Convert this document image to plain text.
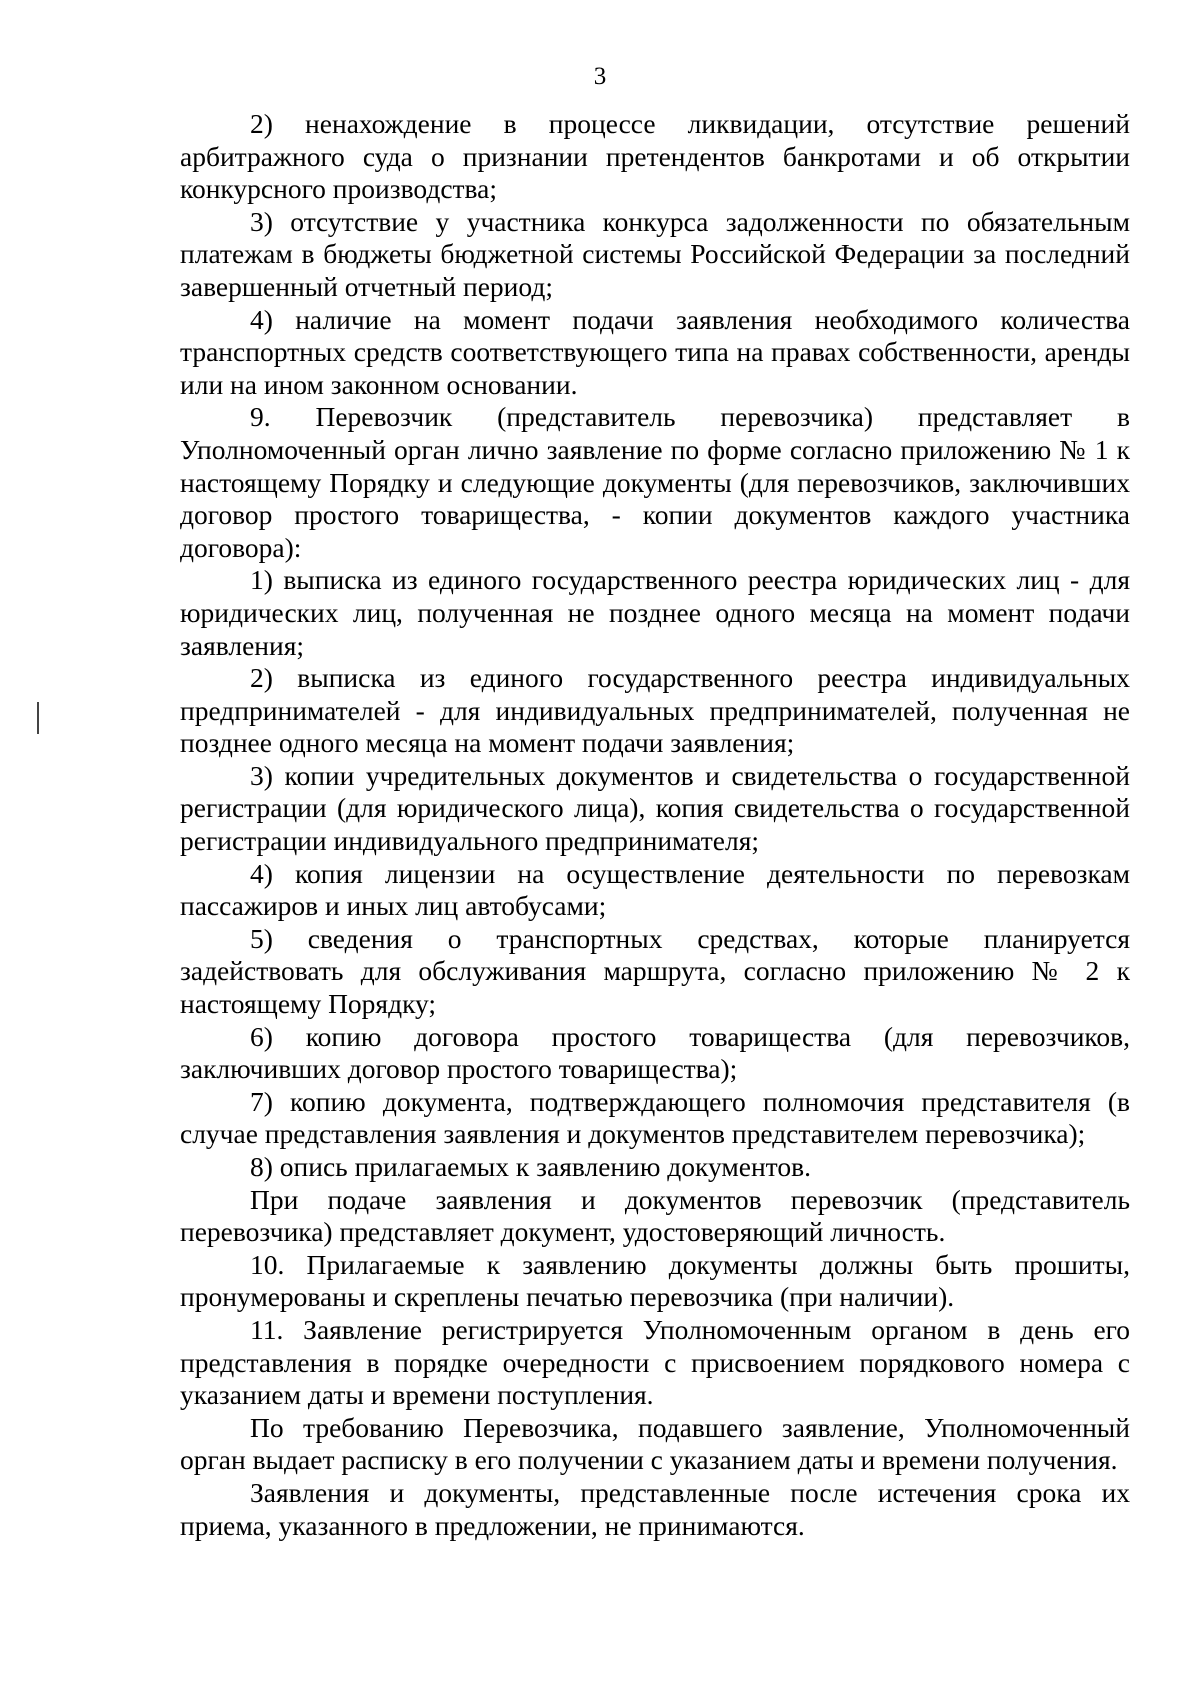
3

2) ненахождение в процессе ликвидации, отсутствие решений арбитражного суда о признании претендентов банкротами и об открытии конкурсного производства;

3) отсутствие у участника конкурса задолженности по обязательным платежам в бюджеты бюджетной системы Российской Федерации за последний завершенный отчетный период;

4) наличие на момент подачи заявления необходимого количества транспортных средств соответствующего типа на правах собственности, аренды или на ином законном основании.

9. Перевозчик (представитель перевозчика) представляет в Уполномоченный орган лично заявление по форме согласно приложению № 1 к настоящему Порядку и следующие документы (для перевозчиков, заключивших договор простого товарищества, - копии документов каждого участника договора):

1) выписка из единого государственного реестра юридических лиц - для юридических лиц, полученная не позднее одного месяца на момент подачи заявления;

2) выписка из единого государственного реестра индивидуальных предпринимателей - для индивидуальных предпринимателей, полученная не позднее одного месяца на момент подачи заявления;

3) копии учредительных документов и свидетельства о государственной регистрации (для юридического лица), копия свидетельства о государственной регистрации индивидуального предпринимателя;

4) копия лицензии на осуществление деятельности по перевозкам пассажиров и иных лиц автобусами;

5) сведения о транспортных средствах, которые планируется задействовать для обслуживания маршрута, согласно приложению № 2 к настоящему Порядку;

6) копию договора простого товарищества (для перевозчиков, заключивших договор простого товарищества);

7) копию документа, подтверждающего полномочия представителя (в случае представления заявления и документов представителем перевозчика);

8) опись прилагаемых к заявлению документов.

При подаче заявления и документов перевозчик (представитель перевозчика) представляет документ, удостоверяющий личность.

10. Прилагаемые к заявлению документы должны быть прошиты, пронумерованы и скреплены печатью перевозчика (при наличии).

11. Заявление регистрируется Уполномоченным органом в день его представления в порядке очередности с присвоением порядкового номера с указанием даты и времени поступления.

По требованию Перевозчика, подавшего заявление, Уполномоченный орган выдает расписку в его получении с указанием даты и времени получения.

Заявления и документы, представленные после истечения срока их приема, указанного в предложении, не принимаются.
